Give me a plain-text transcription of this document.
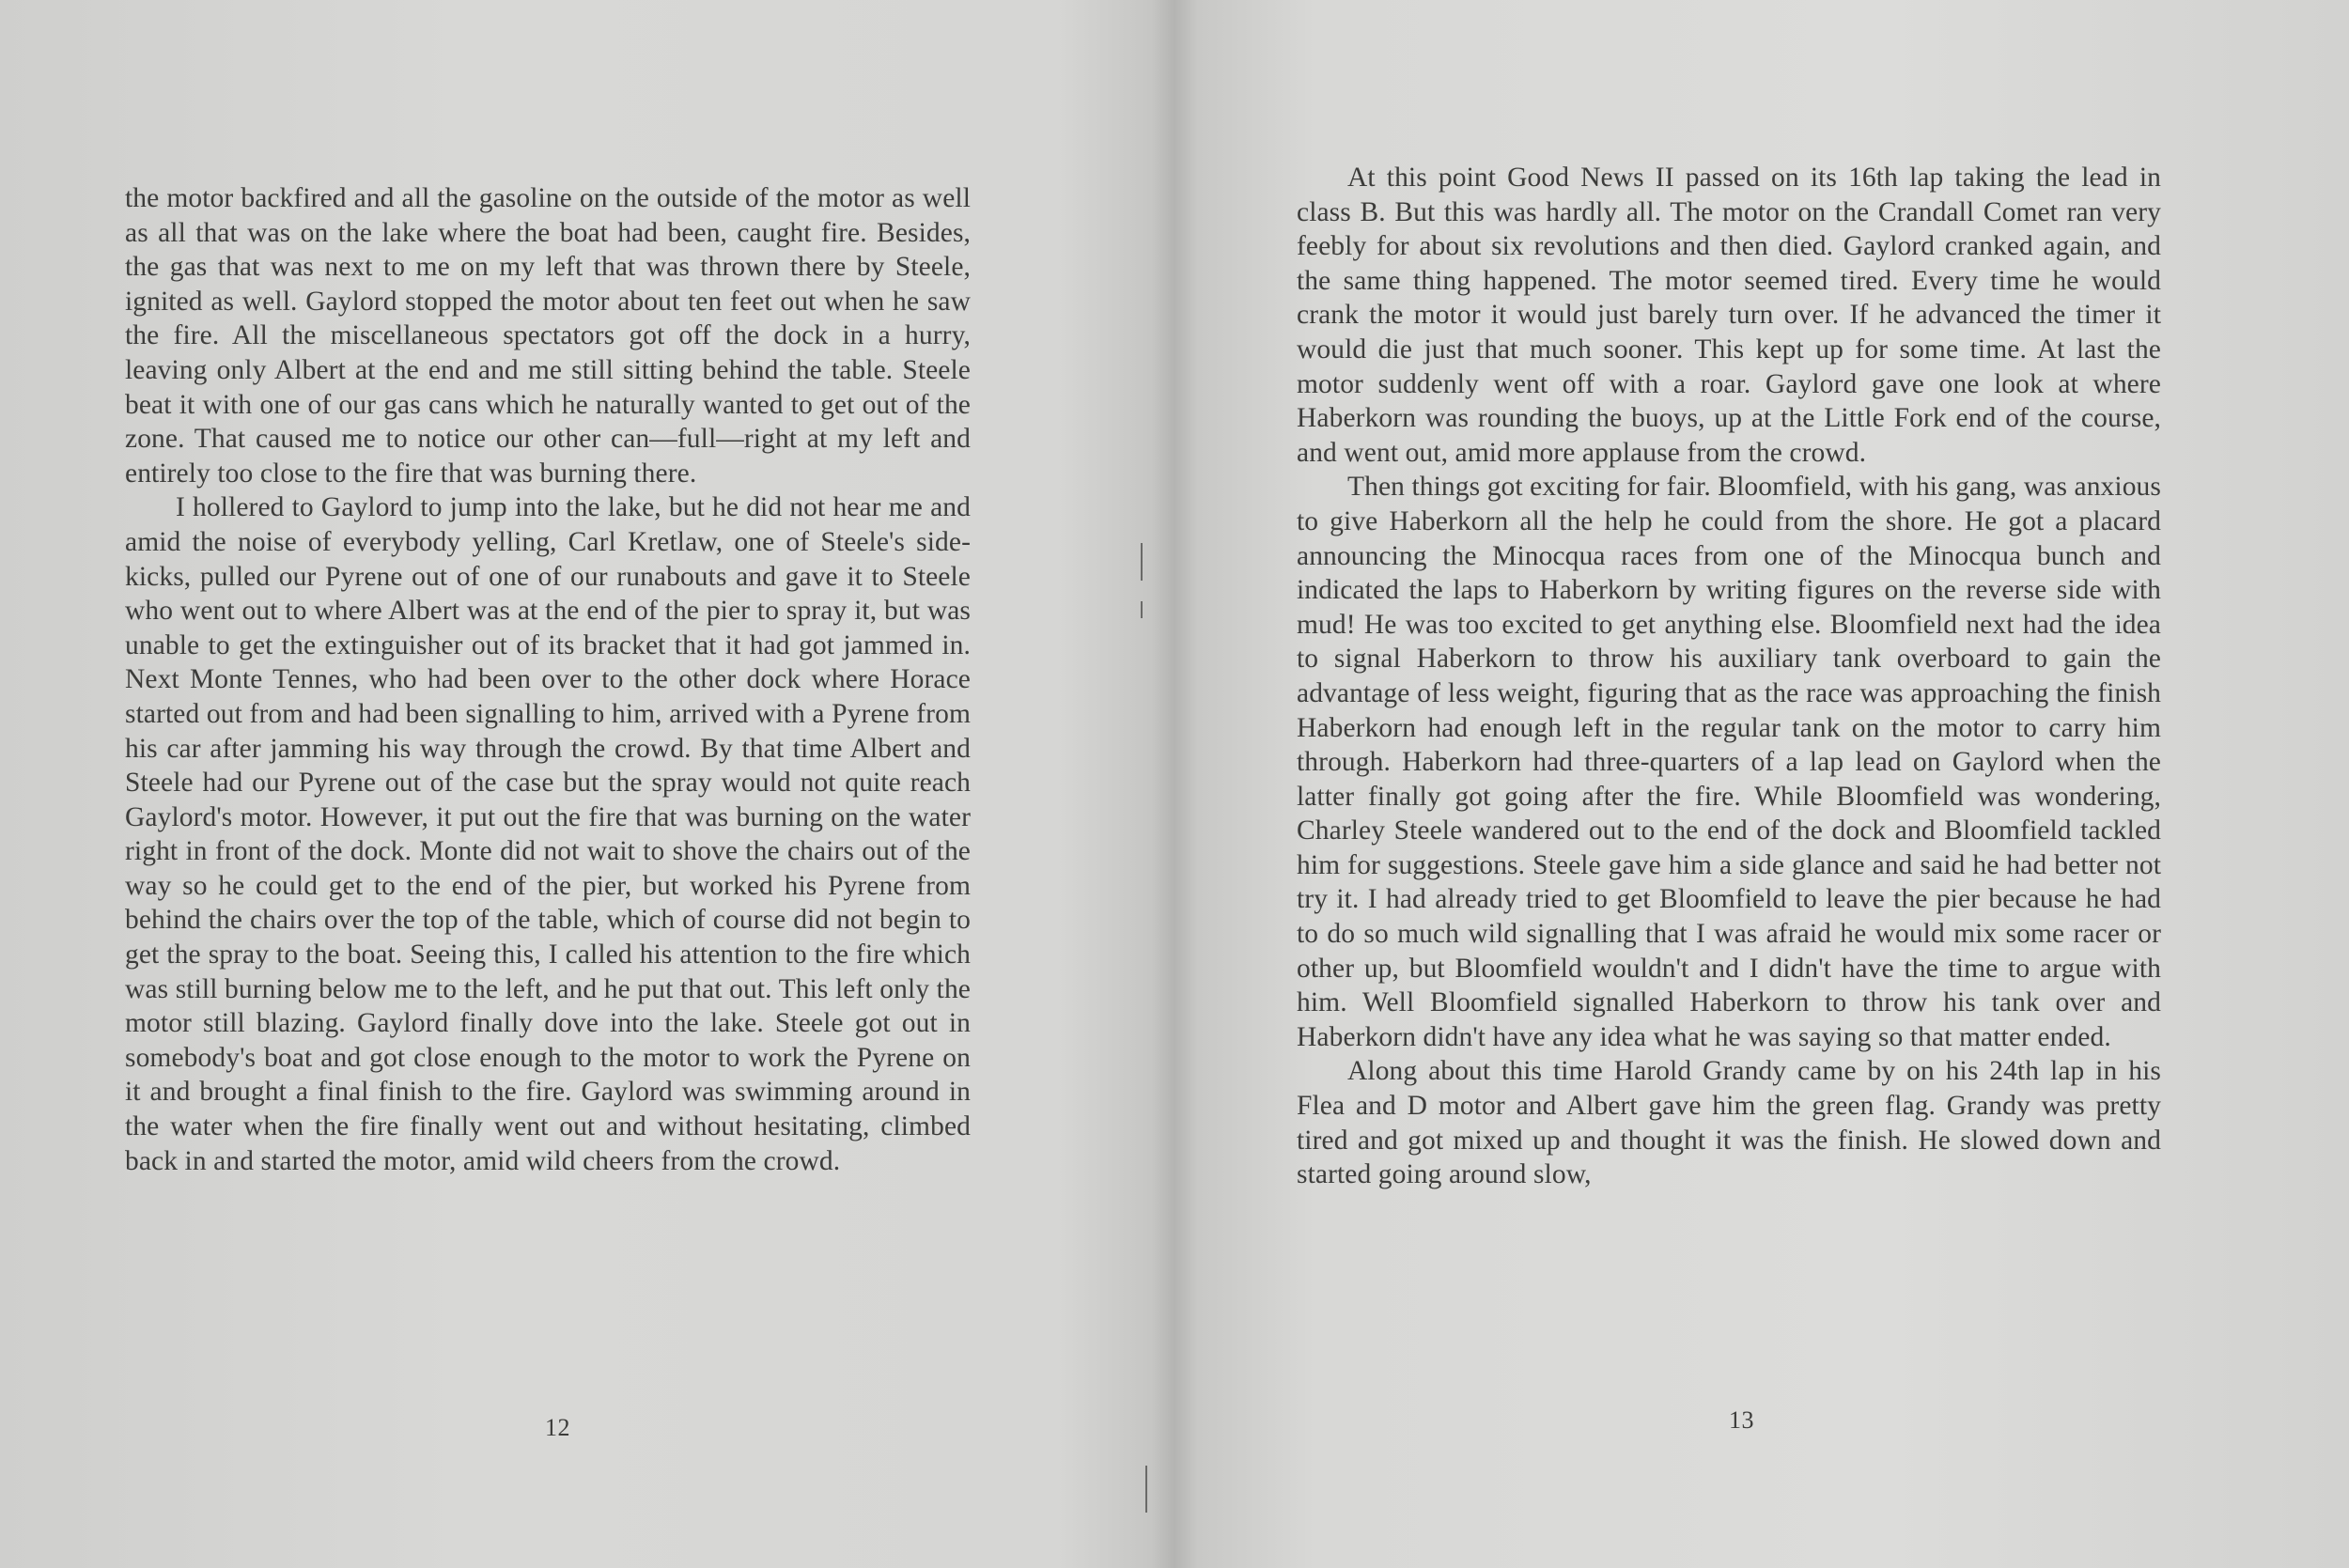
the motor backfired and all the gasoline on the outside of the motor as well as all that was on the lake where the boat had been, caught fire. Besides, the gas that was next to me on my left that was thrown there by Steele, ignited as well. Gaylord stopped the motor about ten feet out when he saw the fire. All the miscellaneous spectators got off the dock in a hurry, leaving only Albert at the end and me still sitting behind the table. Steele beat it with one of our gas cans which he naturally wanted to get out of the zone. That caused me to notice our other can—full—right at my left and entirely too close to the fire that was burning there.

I hollered to Gaylord to jump into the lake, but he did not hear me and amid the noise of everybody yelling, Carl Kretlaw, one of Steele's side-kicks, pulled our Pyrene out of one of our runabouts and gave it to Steele who went out to where Albert was at the end of the pier to spray it, but was unable to get the extinguisher out of its bracket that it had got jammed in. Next Monte Tennes, who had been over to the other dock where Horace started out from and had been signalling to him, arrived with a Pyrene from his car after jamming his way through the crowd. By that time Albert and Steele had our Pyrene out of the case but the spray would not quite reach Gaylord's motor. However, it put out the fire that was burning on the water right in front of the dock. Monte did not wait to shove the chairs out of the way so he could get to the end of the pier, but worked his Pyrene from behind the chairs over the top of the table, which of course did not begin to get the spray to the boat. Seeing this, I called his attention to the fire which was still burning below me to the left, and he put that out. This left only the motor still blazing. Gaylord finally dove into the lake. Steele got out in somebody's boat and got close enough to the motor to work the Pyrene on it and brought a final finish to the fire. Gaylord was swimming around in the water when the fire finally went out and without hesitating, climbed back in and started the motor, amid wild cheers from the crowd.

12

At this point Good News II passed on its 16th lap taking the lead in class B. But this was hardly all. The motor on the Crandall Comet ran very feebly for about six revolutions and then died. Gaylord cranked again, and the same thing happened. The motor seemed tired. Every time he would crank the motor it would just barely turn over. If he advanced the timer it would die just that much sooner. This kept up for some time. At last the motor suddenly went off with a roar. Gaylord gave one look at where Haberkorn was rounding the buoys, up at the Little Fork end of the course, and went out, amid more applause from the crowd.

Then things got exciting for fair. Bloomfield, with his gang, was anxious to give Haberkorn all the help he could from the shore. He got a placard announcing the Minocqua races from one of the Minocqua bunch and indicated the laps to Haberkorn by writing figures on the reverse side with mud! He was too excited to get anything else. Bloomfield next had the idea to signal Haberkorn to throw his auxiliary tank overboard to gain the advantage of less weight, figuring that as the race was approaching the finish Haberkorn had enough left in the regular tank on the motor to carry him through. Haberkorn had three-quarters of a lap lead on Gaylord when the latter finally got going after the fire. While Bloomfield was wondering, Charley Steele wandered out to the end of the dock and Bloomfield tackled him for suggestions. Steele gave him a side glance and said he had better not try it. I had already tried to get Bloomfield to leave the pier because he had to do so much wild signalling that I was afraid he would mix some racer or other up, but Bloomfield wouldn't and I didn't have the time to argue with him. Well Bloomfield signalled Haberkorn to throw his tank over and Haberkorn didn't have any idea what he was saying so that matter ended.

Along about this time Harold Grandy came by on his 24th lap in his Flea and D motor and Albert gave him the green flag. Grandy was pretty tired and got mixed up and thought it was the finish. He slowed down and started going around slow,

13
